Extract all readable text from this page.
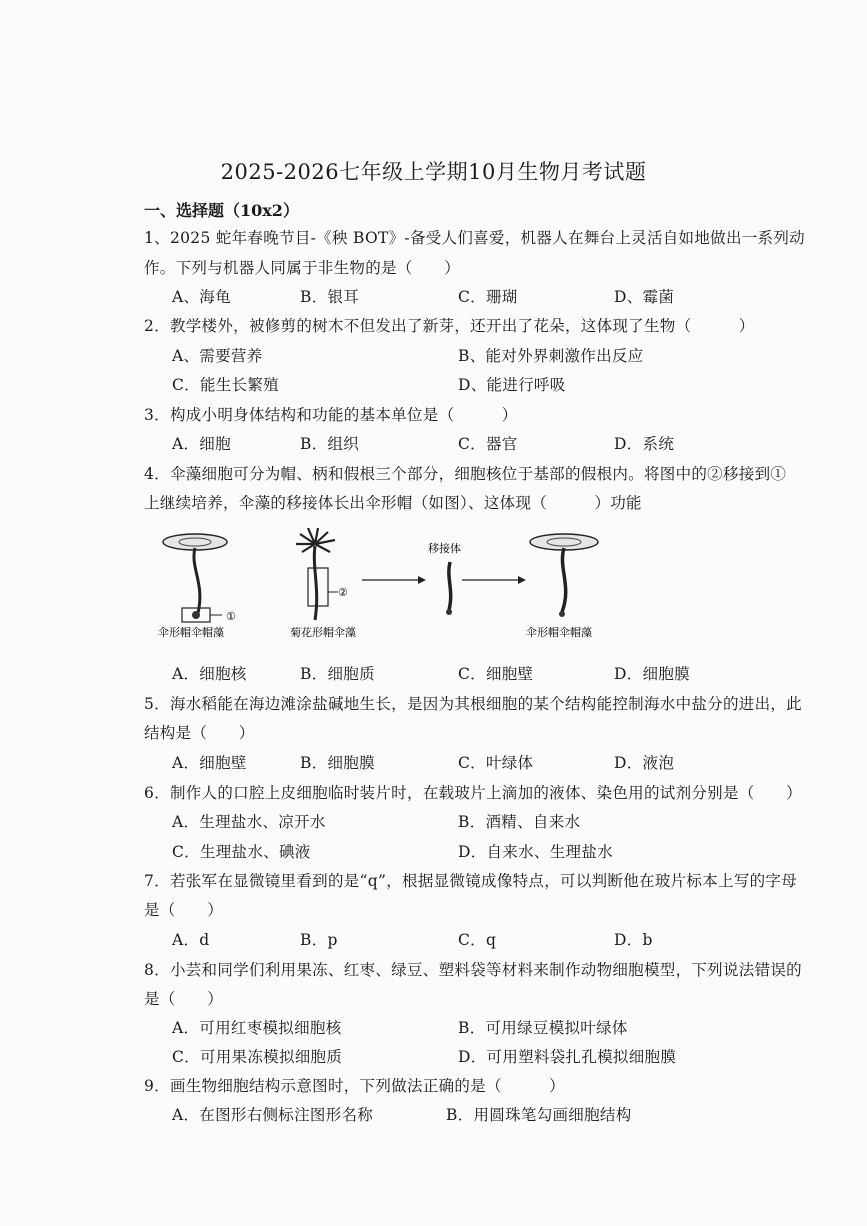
2025-2026七年级上学期10月生物月考试题
一、选择题（10x2）
1、2025 蛇年春晚节目-《秧 BOT》-备受人们喜爱，机器人在舞台上灵活自如地做出一系列动
作。下列与机器人同属于非生物的是（　　）
A、海龟	B．银耳	C．珊瑚	D、霉菌
2．教学楼外，被修剪的树木不但发出了新芽，还开出了花朵，这体现了生物（　　　）
A、需要营养	B、能对外界刺激作出反应
C．能生长繁殖	D、能进行呼吸
3．构成小明身体结构和功能的基本单位是（　　　）
A．细胞	B．组织	C．器官	D．系统
4．伞藻细胞可分为帽、柄和假根三个部分，细胞核位于基部的假根内。将图中的②移接到①
上继续培养，伞藻的移接体长出伞形帽（如图）、这体现（　　　）功能
①
伞形帽伞帽藻
②
菊花形帽伞藻
移接体
伞形帽伞帽藻
A．细胞核	B．细胞质	C．细胞壁	D．细胞膜
5．海水稻能在海边滩涂盐碱地生长，是因为其根细胞的某个结构能控制海水中盐分的进出，此
结构是（　　）
A．细胞壁	B．细胞膜	C．叶绿体	D．液泡
6．制作人的口腔上皮细胞临时装片时，在载玻片上滴加的液体、染色用的试剂分别是（　　）
A．生理盐水、凉开水	B．酒精、自来水
C．生理盐水、碘液	D．自来水、生理盐水
7．若张军在显微镜里看到的是“q”，根据显微镜成像特点，可以判断他在玻片标本上写的字母
是（　　）
A．d	B．p	C．q	D．b
8．小芸和同学们利用果冻、红枣、绿豆、塑料袋等材料来制作动物细胞模型，下列说法错误的
是（　　）
A．可用红枣模拟细胞核	B．可用绿豆模拟叶绿体
C．可用果冻模拟细胞质	D．可用塑料袋扎孔模拟细胞膜
9．画生物细胞结构示意图时，下列做法正确的是（　　　）
A．在图形右侧标注图形名称	B．用圆珠笔勾画细胞结构
